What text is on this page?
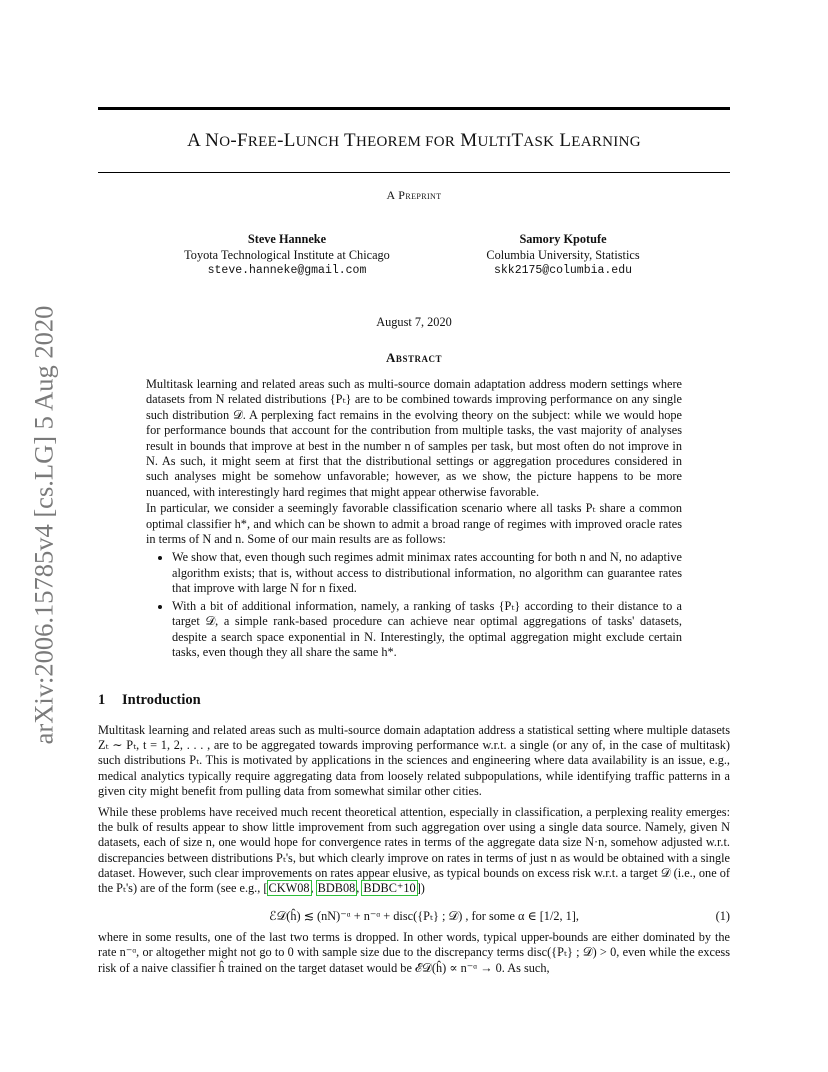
arXiv:2006.15785v4 [cs.LG] 5 Aug 2020
A NO-FREE-LUNCH THEOREM FOR MULTITASK LEARNING
A Preprint
Steve Hanneke
Toyota Technological Institute at Chicago
steve.hanneke@gmail.com
Samory Kpotufe
Columbia University, Statistics
skk2175@columbia.edu
August 7, 2020
Abstract

Multitask learning and related areas such as multi-source domain adaptation address modern settings where datasets from N related distributions {Pₜ} are to be combined towards improving performance on any single such distribution 𝒟. A perplexing fact remains in the evolving theory on the subject: while we would hope for performance bounds that account for the contribution from multiple tasks, the vast majority of analyses result in bounds that improve at best in the number n of samples per task, but most often do not improve in N. As such, it might seem at first that the distributional settings or aggregation procedures considered in such analyses might be somehow unfavorable; however, as we show, the picture happens to be more nuanced, with interestingly hard regimes that might appear otherwise favorable.

In particular, we consider a seemingly favorable classification scenario where all tasks Pₜ share a common optimal classifier h*, and which can be shown to admit a broad range of regimes with improved oracle rates in terms of N and n. Some of our main results are as follows:

• We show that, even though such regimes admit minimax rates accounting for both n and N, no adaptive algorithm exists; that is, without access to distributional information, no algorithm can guarantee rates that improve with large N for n fixed.
• With a bit of additional information, namely, a ranking of tasks {Pₜ} according to their distance to a target 𝒟, a simple rank-based procedure can achieve near optimal aggregations of tasks' datasets, despite a search space exponential in N. Interestingly, the optimal aggregation might exclude certain tasks, even though they all share the same h*.
1 Introduction

Multitask learning and related areas such as multi-source domain adaptation address a statistical setting where multiple datasets Zₜ ∼ Pₜ, t = 1, 2, . . . , are to be aggregated towards improving performance w.r.t. a single (or any of, in the case of multitask) such distributions Pₜ. This is motivated by applications in the sciences and engineering where data availability is an issue, e.g., medical analytics typically require aggregating data from loosely related subpopulations, while identifying traffic patterns in a given city might benefit from pulling data from somewhat similar other cities.

While these problems have received much recent theoretical attention, especially in classification, a perplexing reality emerges: the bulk of results appear to show little improvement from such aggregation over using a single data source. Namely, given N datasets, each of size n, one would hope for convergence rates in terms of the aggregate data size N·n, somehow adjusted w.r.t. discrepancies between distributions Pₜ's, but which clearly improve on rates in terms of just n as would be obtained with a single dataset. However, such clear improvements on rates appear elusive, as typical bounds on excess risk w.r.t. a target 𝒟 (i.e., one of the Pₜ's) are of the form (see e.g., [CKW08, BDB08, BDBC⁺10])

ℰ𝒟(ĥ) ≲ (nN)⁻ᵅ + n⁻ᵅ + disc({Pₜ} ; 𝒟) , for some α ∈ [1/2, 1],	(1)

where in some results, one of the last two terms is dropped. In other words, typical upper-bounds are either dominated by the rate n⁻ᵅ, or altogether might not go to 0 with sample size due to the discrepancy terms disc({Pₜ} ; 𝒟) > 0, even while the excess risk of a naive classifier ĥ trained on the target dataset would be ℰ𝒟(ĥ) ∝ n⁻ᵅ → 0. As such,
